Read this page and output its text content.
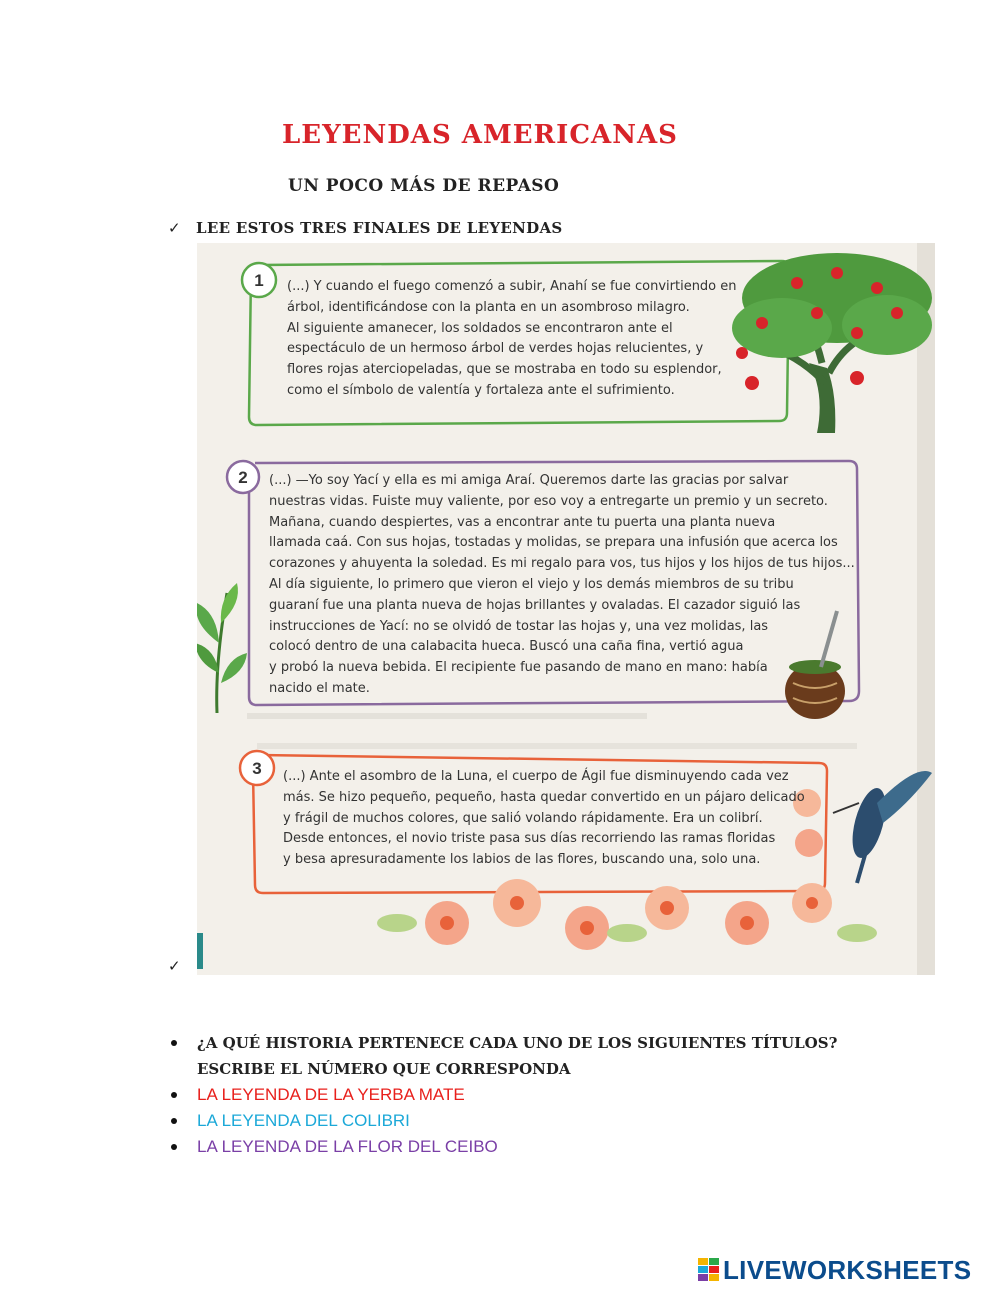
LEYENDAS AMERICANAS
UN POCO MÁS DE REPASO
✓ LEE ESTOS TRES FINALES DE LEYENDAS
1
2
3
(...) Y cuando el fuego comenzó a subir, Anahí se fue convirtiendo en
árbol, identificándose con la planta en un asombroso milagro.
Al siguiente amanecer, los soldados se encontraron ante el
espectáculo de un hermoso árbol de verdes hojas relucientes, y
flores rojas aterciopeladas, que se mostraba en todo su esplendor,
como el símbolo de valentía y fortaleza ante el sufrimiento.
(...) —Yo soy Yací y ella es mi amiga Araí. Queremos darte las gracias por salvar
nuestras vidas. Fuiste muy valiente, por eso voy a entregarte un premio y un secreto.
Mañana, cuando despiertes, vas a encontrar ante tu puerta una planta nueva
llamada caá. Con sus hojas, tostadas y molidas, se prepara una infusión que acerca los
corazones y ahuyenta la soledad. Es mi regalo para vos, tus hijos y los hijos de tus hijos...
Al día siguiente, lo primero que vieron el viejo y los demás miembros de su tribu
guaraní fue una planta nueva de hojas brillantes y ovaladas. El cazador siguió las
instrucciones de Yací: no se olvidó de tostar las hojas y, una vez molidas, las
colocó dentro de una calabacita hueca. Buscó una caña fina, vertió agua
y probó la nueva bebida. El recipiente fue pasando de mano en mano: había
nacido el mate.
(...) Ante el asombro de la Luna, el cuerpo de Ágil fue disminuyendo cada vez
más. Se hizo pequeño, pequeño, hasta quedar convertido en un pájaro delicado
y frágil de muchos colores, que salió volando rápidamente. Era un colibrí.
Desde entonces, el novio triste pasa sus días recorriendo las ramas floridas
y besa apresuradamente los labios de las flores, buscando una, solo una.
✓
¿A QUÉ HISTORIA PERTENECE CADA UNO DE LOS SIGUIENTES TÍTULOS?
ESCRIBE EL NÚMERO QUE CORRESPONDA
LA LEYENDA DE LA YERBA MATE
LA LEYENDA DEL COLIBRI
LA LEYENDA DE LA FLOR DEL CEIBO
LIVEWORKSHEETS
